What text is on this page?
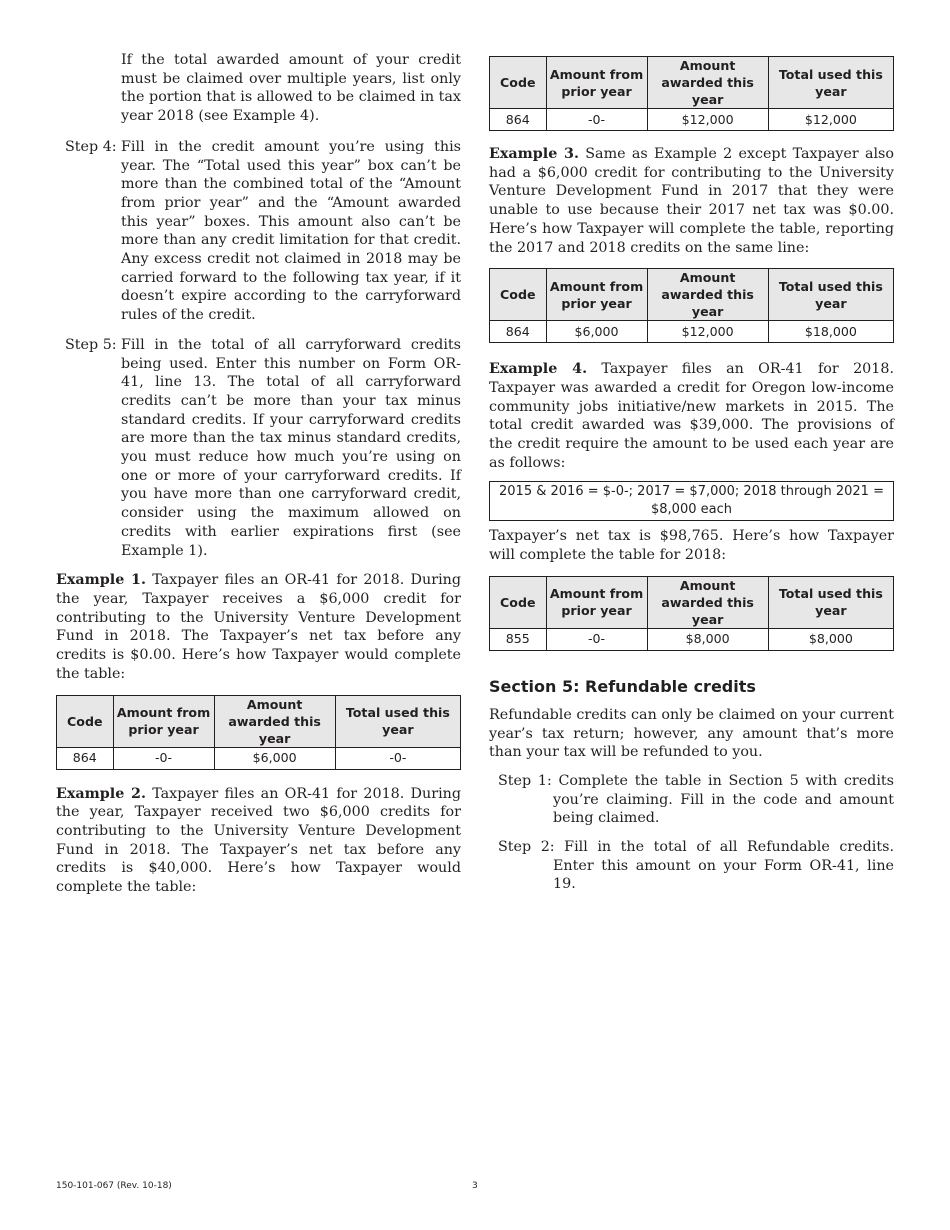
If the total awarded amount of your credit must be claimed over multiple years, list only the portion that is allowed to be claimed in tax year 2018 (see Example 4).

Step 4: Fill in the credit amount you’re using this year. The “Total used this year” box can’t be more than the combined total of the “Amount from prior year” and the “Amount awarded this year” boxes. This amount also can’t be more than any credit limitation for that credit. Any excess credit not claimed in 2018 may be carried forward to the following tax year, if it doesn’t expire according to the carryforward rules of the credit.
Step 5: Fill in the total of all carryforward credits being used. Enter this number on Form OR-41, line 13. The total of all carryforward credits can’t be more than your tax minus standard credits. If your carryforward credits are more than the tax minus standard credits, you must reduce how much you’re using on one or more of your carryforward credits. If you have more than one carryforward credit, consider using the maximum allowed on credits with earlier expirations first (see Example 1).

Example 1. Taxpayer files an OR-41 for 2018. During the year, Taxpayer receives a $6,000 credit for contributing to the University Venture Development Fund in 2018. The Taxpayer’s net tax before any credits is $0.00. Here’s how Taxpayer would complete the table:

Code	Amount from prior year	Amount awarded this year	Total used this year
864	-0-	$6,000	-0-

Example 2. Taxpayer files an OR-41 for 2018. During the year, Taxpayer received two $6,000 credits for contributing to the University Venture Development Fund in 2018. The Taxpayer’s net tax before any credits is $40,000. Here’s how Taxpayer would complete the table:

Code	Amount from prior year	Amount awarded this year	Total used this year
864	-0-	$12,000	$12,000

Example 3. Same as Example 2 except Taxpayer also had a $6,000 credit for contributing to the University Venture Development Fund in 2017 that they were unable to use because their 2017 net tax was $0.00. Here’s how Taxpayer will complete the table, reporting the 2017 and 2018 credits on the same line:

Code	Amount from prior year	Amount awarded this year	Total used this year
864	$6,000	$12,000	$18,000

Example 4. Taxpayer files an OR-41 for 2018. Taxpayer was awarded a credit for Oregon low-income community jobs initiative/new markets in 2015. The total credit awarded was $39,000. The provisions of the credit require the amount to be used each year are as follows:

2015 & 2016 = $-0-; 2017 = $7,000; 2018 through 2021 = $8,000 each

Taxpayer’s net tax is $98,765. Here’s how Taxpayer will complete the table for 2018:

Code	Amount from prior year	Amount awarded this year	Total used this year
855	-0-	$8,000	$8,000
Section 5: Refundable credits

Refundable credits can only be claimed on your current year’s tax return; however, any amount that’s more than your tax will be refunded to you.

Step 1: Complete the table in Section 5 with credits you’re claiming. Fill in the code and amount being claimed.

Step 2: Fill in the total of all Refundable credits. Enter this amount on your Form OR-41, line 19.

150-101-067 (Rev. 10-18)	3
